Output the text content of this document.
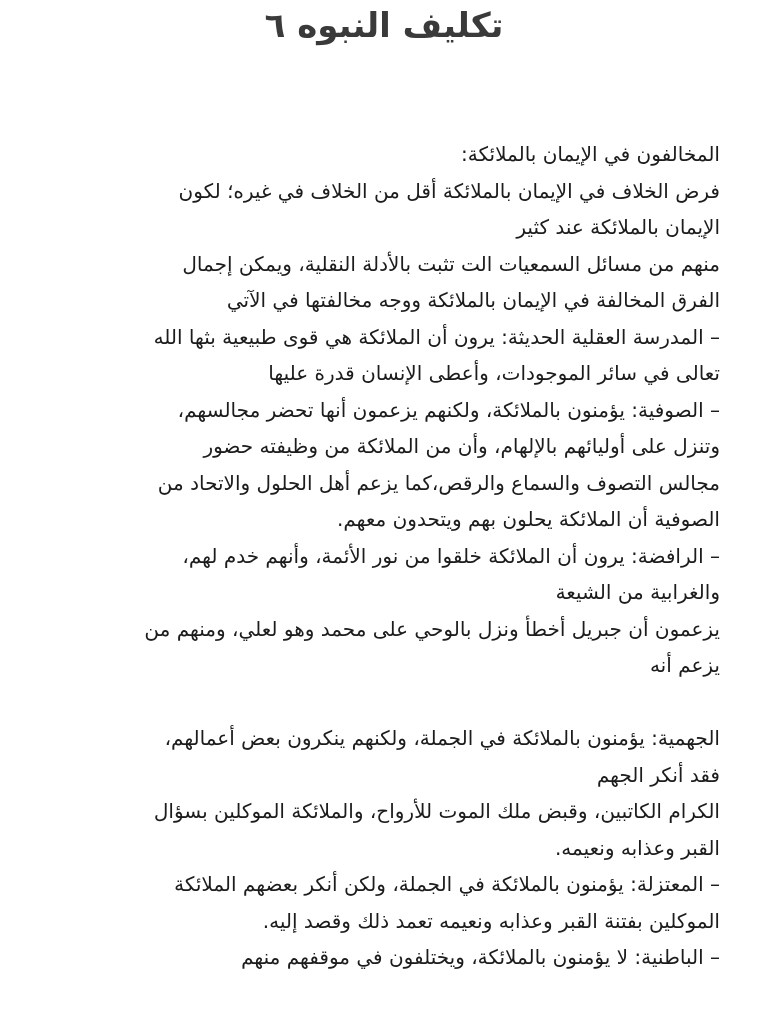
تكليف النبوه ٦
المخالفون في الإيمان بالملائكة:
فرض الخلاف في الإيمان بالملائكة أقل من الخلاف في غيره؛ لكون
الإيمان بالملائكة عند كثير
منهم من مسائل السمعيات الت تثبت بالأدلة النقلية، ويمكن إجمال
الفرق المخالفة في الإيمان بالملائكة ووجه مخالفتها في الآتي
– المدرسة العقلية الحديثة: يرون أن الملائكة هي قوى طبيعية بثها الله
تعالى في سائر الموجودات، وأعطى الإنسان قدرة عليها
– الصوفية: يؤمنون بالملائكة، ولكنهم يزعمون أنها تحضر مجالسهم،
وتنزل على أوليائهم بالإلهام، وأن من الملائكة من وظيفته حضور
مجالس التصوف والسماع والرقص،كما يزعم أهل الحلول والاتحاد من
الصوفية أن الملائكة يحلون بهم ويتحدون معهم.
– الرافضة: يرون أن الملائكة خلقوا من نور الأئمة، وأنهم خدم لهم،
والغرابية من الشيعة
يزعمون أن جبريل أخطأ ونزل بالوحي على محمد وهو لعلي، ومنهم من
يزعم أنه
الجهمية: يؤمنون بالملائكة في الجملة، ولكنهم ينكرون بعض أعمالهم،
فقد أنكر الجهم
الكرام الكاتبين، وقبض ملك الموت للأرواح، والملائكة الموكلين بسؤال
القبر وعذابه ونعيمه.
– المعتزلة: يؤمنون بالملائكة في الجملة، ولكن أنكر بعضهم الملائكة
الموكلين بفتنة القبر وعذابه ونعيمه تعمد ذلك وقصد إليه.
– الباطنية: لا يؤمنون بالملائكة، ويختلفون في موقفهم منهم
